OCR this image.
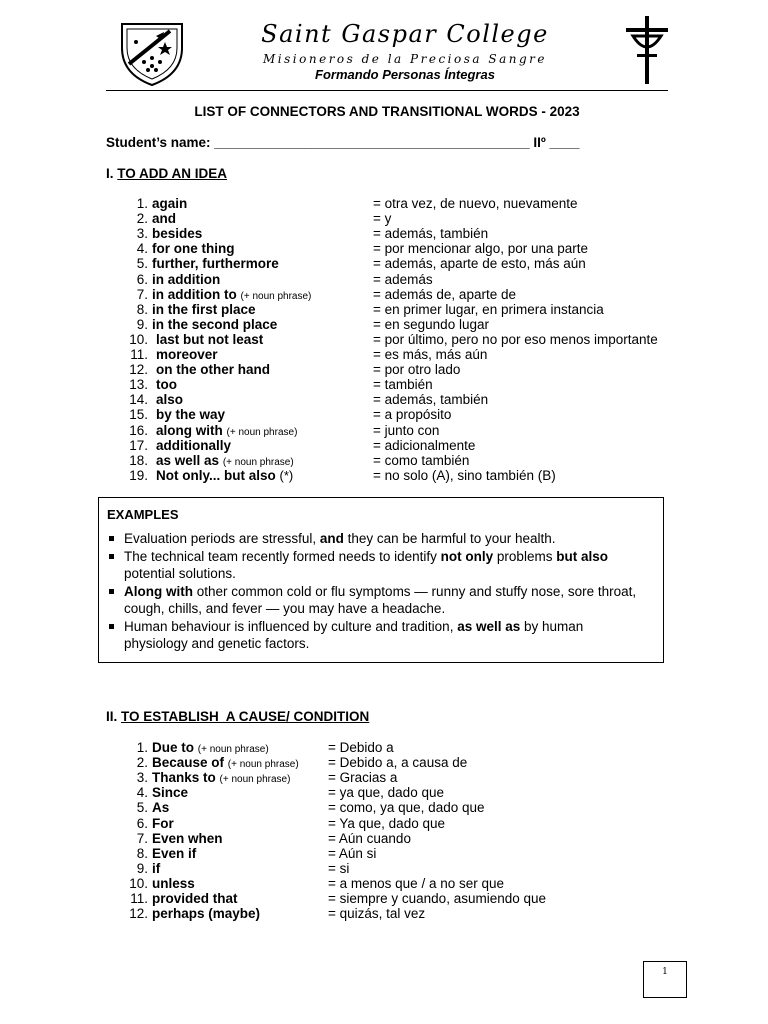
Saint Gaspar College
Misioneros de la Preciosa Sangre
Formando Personas Íntegras
LIST OF CONNECTORS AND TRANSITIONAL WORDS - 2023
Student’s name: __________________________________________ IIº ____
I. TO ADD AN IDEA
1. again	= otra vez, de nuevo, nuevamente
2. and	= y
3. besides	= además, también
4. for one thing	= por mencionar algo, por una parte
5. further, furthermore	= además, aparte de esto, más aún
6. in addition	= además
7. in addition to (+ noun phrase)	= además de, aparte de
8. in the first place	= en primer lugar, en primera instancia
9. in the second place	= en segundo lugar
10. last but not least	= por último, pero no por eso menos importante
11. moreover	= es más, más aún
12. on the other hand	= por otro lado
13. too	= también
14. also	= además, también
15. by the way	= a propósito
16. along with (+ noun phrase)	= junto con
17. additionally	= adicionalmente
18. as well as (+ noun phrase)	= como también
19. Not only... but also (*)	= no solo (A), sino también (B)
EXAMPLES
Evaluation periods are stressful, and they can be harmful to your health.
The technical team recently formed needs to identify not only problems but also potential solutions.
Along with other common cold or flu symptoms — runny and stuffy nose, sore throat, cough, chills, and fever — you may have a headache.
Human behaviour is influenced by culture and tradition, as well as by human physiology and genetic factors.
II. TO ESTABLISH  A CAUSE/ CONDITION
1. Due to (+ noun phrase)	= Debido a
2. Because of (+ noun phrase) = Debido a, a causa de
3. Thanks to (+ noun phrase)	= Gracias a
4. Since	= ya que, dado que
5. As	= como, ya que, dado que
6. For	= Ya que, dado que
7. Even when	= Aún cuando
8. Even if	= Aún si
9. if	= si
10. unless	= a menos que / a no ser que
11. provided that	= siempre y cuando, asumiendo que
12. perhaps (maybe)	= quizás, tal vez
1
